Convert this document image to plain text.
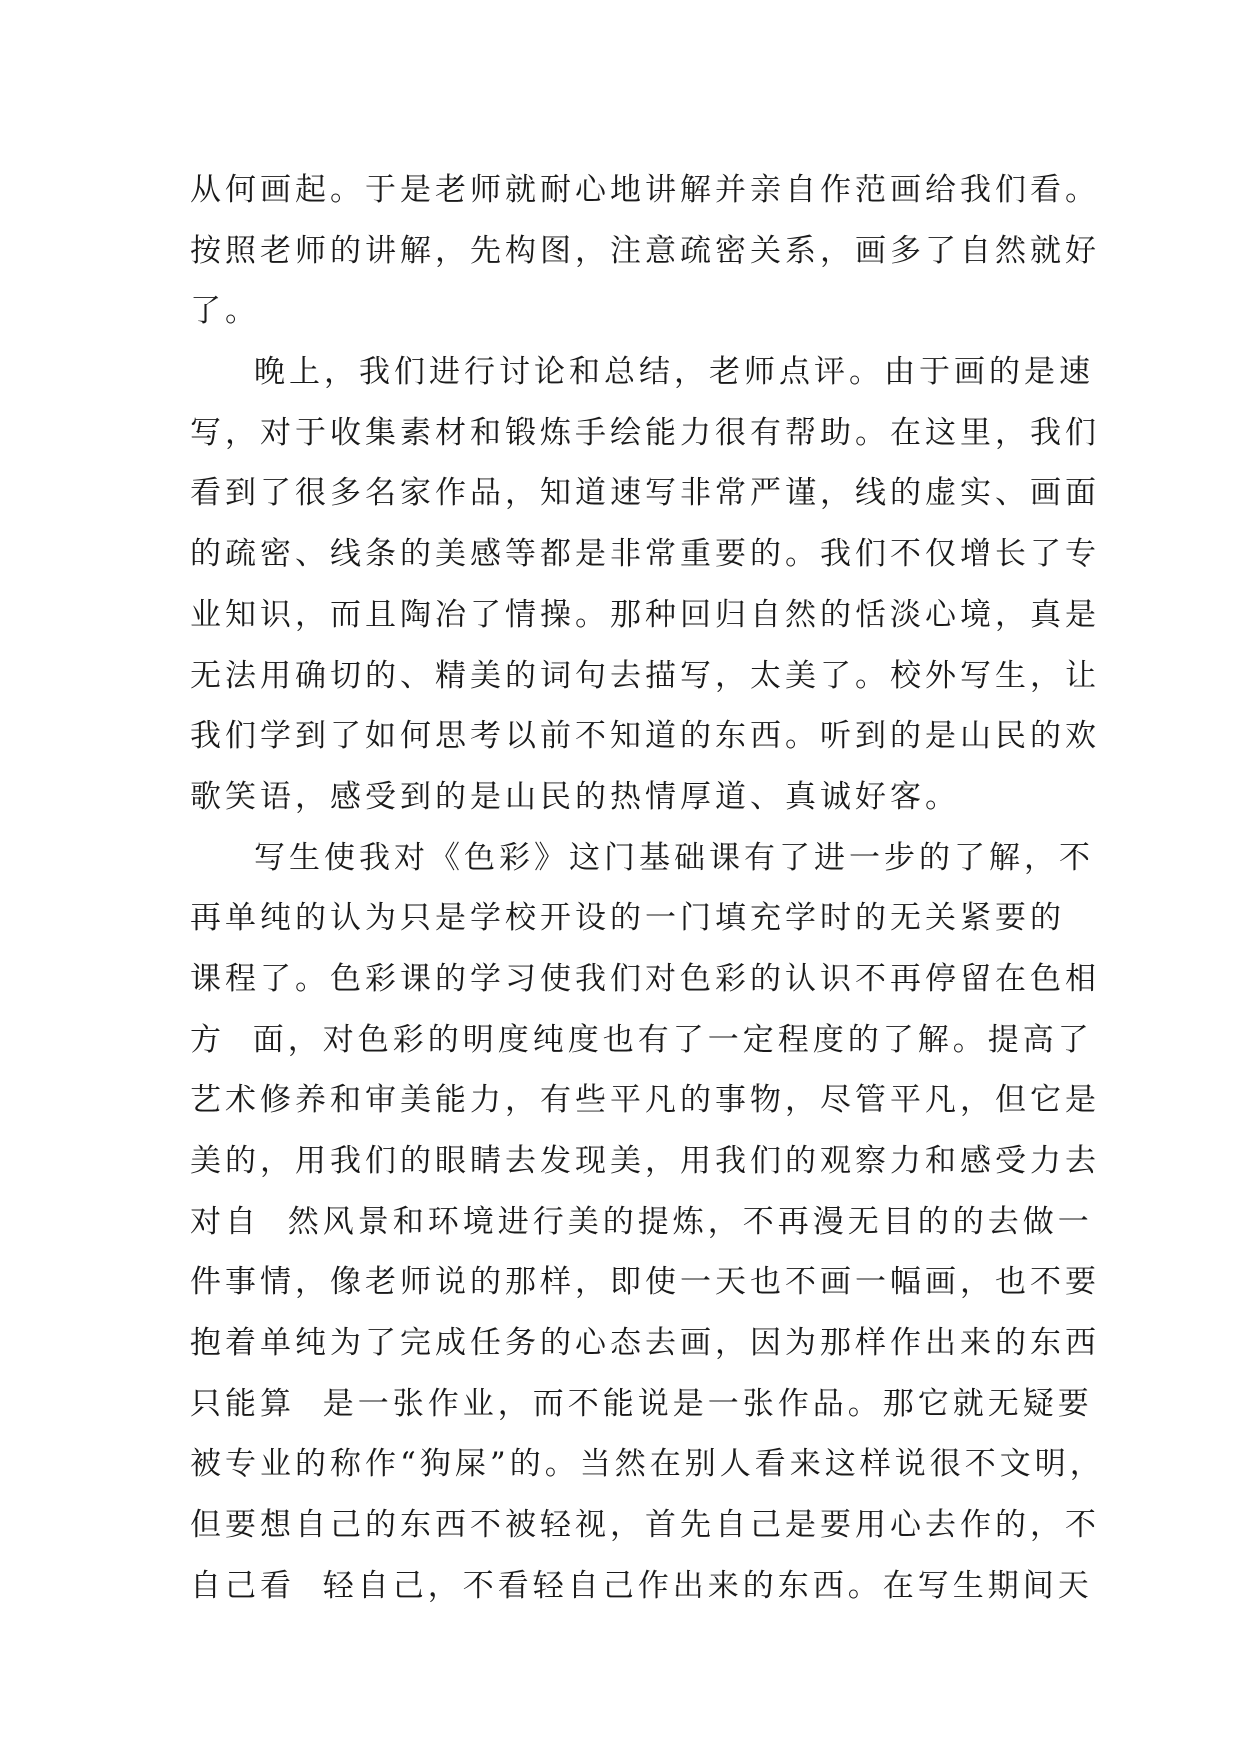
从何画起。于是老师就耐心地讲解并亲自作范画给我们看。
按照老师的讲解，先构图，注意疏密关系，画多了自然就好
了。
晚上，我们进行讨论和总结，老师点评。由于画的是速
写，对于收集素材和锻炼手绘能力很有帮助。在这里，我们
看到了很多名家作品，知道速写非常严谨，线的虚实、画面
的疏密、线条的美感等都是非常重要的。我们不仅增长了专
业知识，而且陶冶了情操。那种回归自然的恬淡心境，真是
无法用确切的、精美的词句去描写，太美了。校外写生，让
我们学到了如何思考以前不知道的东西。听到的是山民的欢
歌笑语，感受到的是山民的热情厚道、真诚好客。
写生使我对《色彩》这门基础课有了进一步的了解，不
再单纯的认为只是学校开设的一门填充学时的无关紧要的
课程了。色彩课的学习使我们对色彩的认识不再停留在色相
方  面，对色彩的明度纯度也有了一定程度的了解。提高了
艺术修养和审美能力，有些平凡的事物，尽管平凡，但它是
美的，用我们的眼睛去发现美，用我们的观察力和感受力去
对自  然风景和环境进行美的提炼，不再漫无目的的去做一
件事情，像老师说的那样，即使一天也不画一幅画，也不要
抱着单纯为了完成任务的心态去画，因为那样作出来的东西
只能算  是一张作业，而不能说是一张作品。那它就无疑要
被专业的称作“狗屎”的。当然在别人看来这样说很不文明，
但要想自己的东西不被轻视，首先自己是要用心去作的，不
自己看  轻自己，不看轻自己作出来的东西。在写生期间天
